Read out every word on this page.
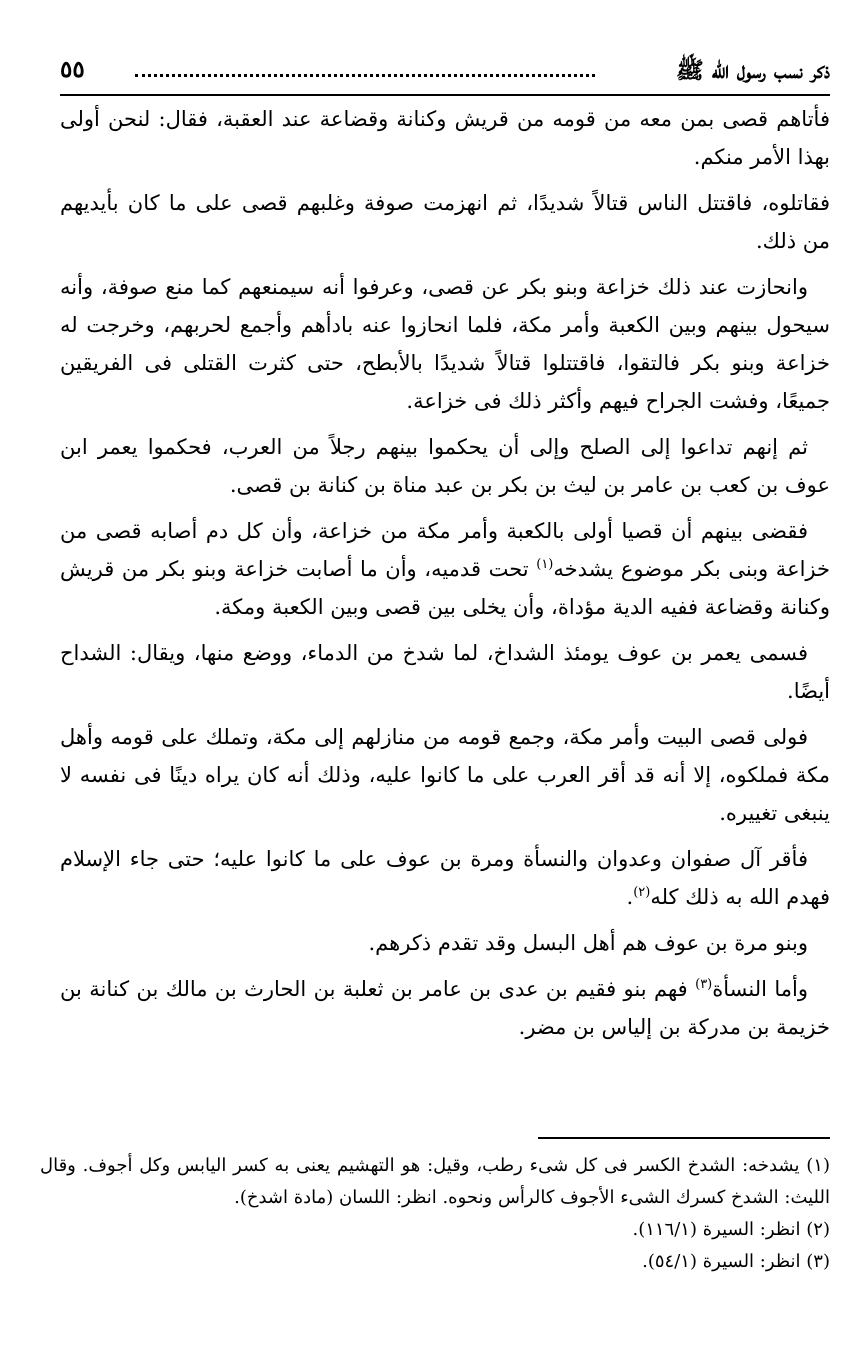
ذكر نسب رسول الله ﷺ
٥٥

فأتاهم قصى بمن معه من قومه من قريش وكنانة وقضاعة عند العقبة، فقال: لنحن أولى بهذا الأمر منكم.

فقاتلوه، فاقتتل الناس قتالاً شديدًا، ثم انهزمت صوفة وغلبهم قصى على ما كان بأيديهم من ذلك.

وانحازت عند ذلك خزاعة وبنو بكر عن قصى، وعرفوا أنه سيمنعهم كما منع صوفة، وأنه سيحول بينهم وبين الكعبة وأمر مكة، فلما انحازوا عنه بادأهم وأجمع لحربهم، وخرجت له خزاعة وبنو بكر فالتقوا، فاقتتلوا قتالاً شديدًا بالأبطح، حتى كثرت القتلى فى الفريقين جميعًا، وفشت الجراح فيهم وأكثر ذلك فى خزاعة.

ثم إنهم تداعوا إلى الصلح وإلى أن يحكموا بينهم رجلاً من العرب، فحكموا يعمر ابن عوف بن كعب بن عامر بن ليث بن بكر بن عبد مناة بن كنانة بن قصى.

فقضى بينهم أن قصيا أولى بالكعبة وأمر مكة من خزاعة، وأن كل دم أصابه قصى من خزاعة وبنى بكر موضوع يشدخه$^{(١)}$ تحت قدميه، وأن ما أصابت خزاعة وبنو بكر من قريش وكنانة وقضاعة ففيه الدية مؤداة، وأن يخلى بين قصى وبين الكعبة ومكة.

فسمى يعمر بن عوف يومئذ الشداخ، لما شدخ من الدماء، ووضع منها، ويقال: الشداح أيضًا.

فولى قصى البيت وأمر مكة، وجمع قومه من منازلهم إلى مكة، وتملك على قومه وأهل مكة فملكوه، إلا أنه قد أقر العرب على ما كانوا عليه، وذلك أنه كان يراه دينًا فى نفسه لا ينبغى تغييره.

فأقر آل صفوان وعدوان والنسأة ومرة بن عوف على ما كانوا عليه؛ حتى جاء الإسلام فهدم الله به ذلك كله$^{(٢)}$.

وبنو مرة بن عوف هم أهل البسل وقد تقدم ذكرهم.

وأما النسأة$^{(٣)}$ فهم بنو فقيم بن عدى بن عامر بن ثعلبة بن الحارث بن مالك بن كنانة بن خزيمة بن مدركة بن إلياس بن مضر.

(١) يشدخه: الشدخ الكسر فى كل شىء رطب، وقيل: هو التهشيم يعنى به كسر اليابس وكل أجوف. وقال الليث: الشدخ كسرك الشىء الأجوف كالرأس ونحوه. انظر: اللسان (مادة اشدخ).

(٢) انظر: السيرة (١١٦/١).

(٣) انظر: السيرة (٥٤/١).
